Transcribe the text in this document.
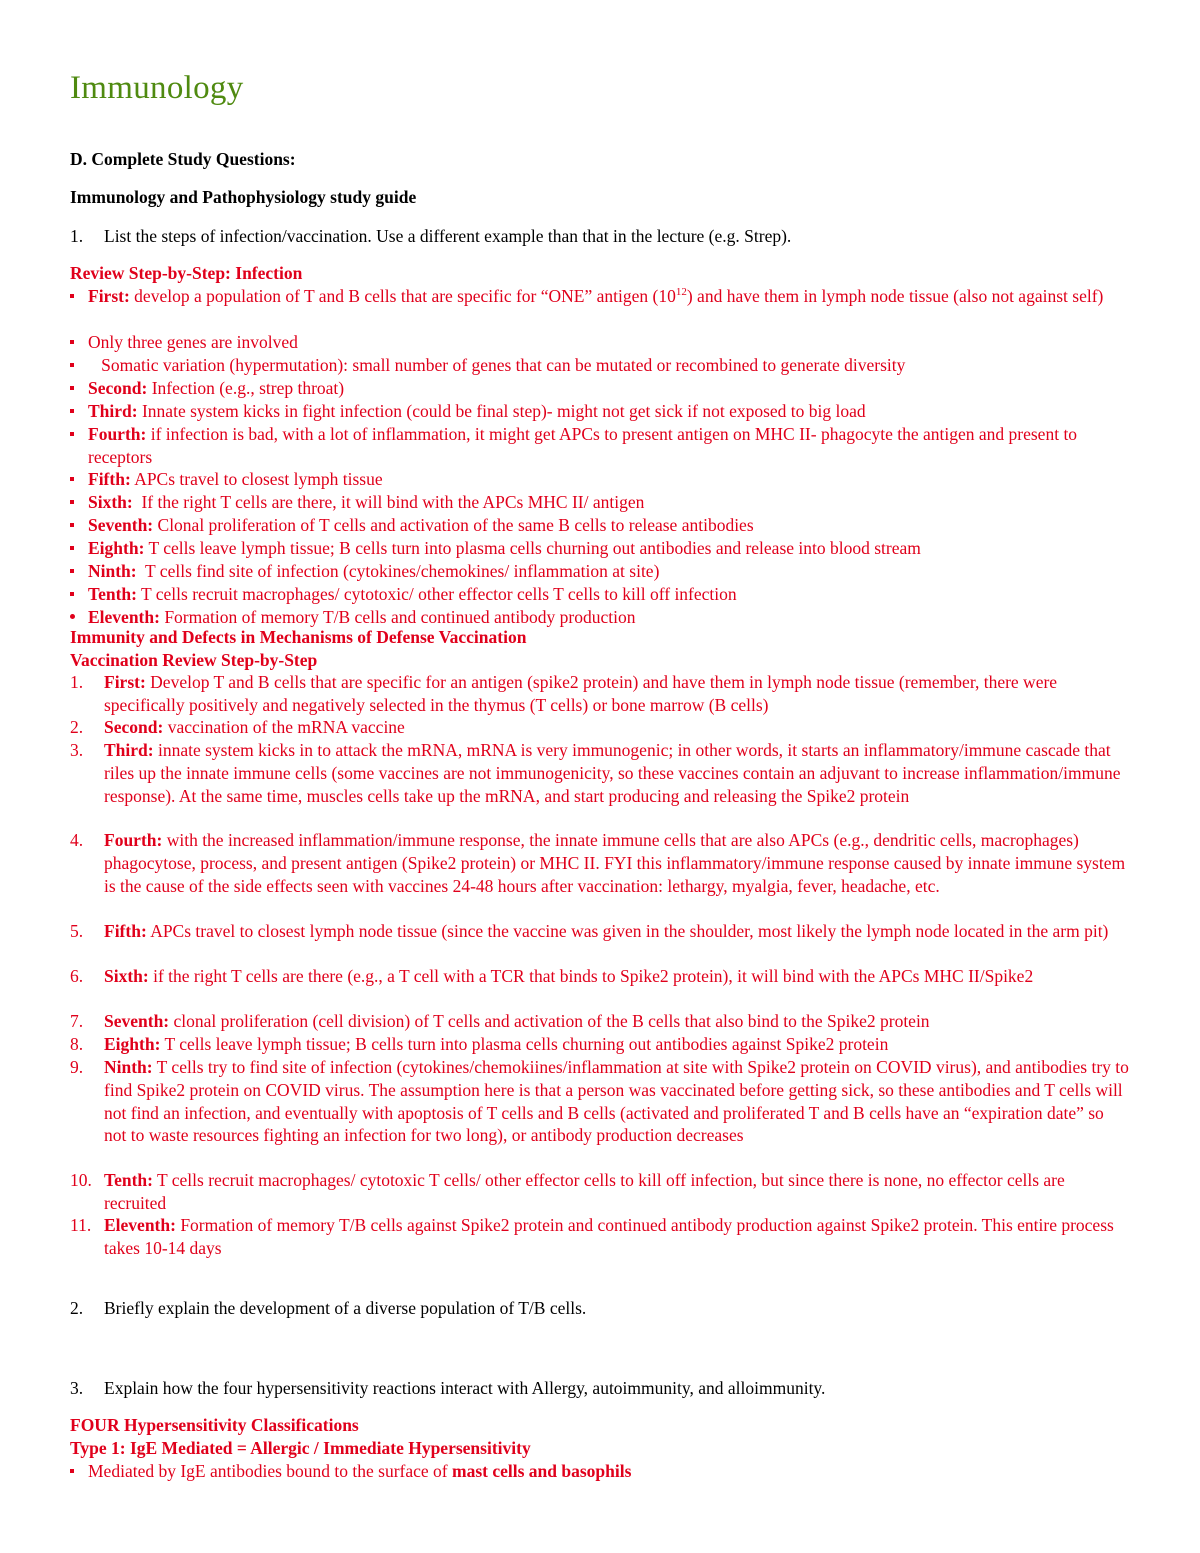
Immunology
D. Complete Study Questions:
Immunology and Pathophysiology study guide
1.	List the steps of infection/vaccination. Use a different example than that in the lecture (e.g. Strep).
Review Step-by-Step: Infection
First: develop a population of T and B cells that are specific for “ONE” antigen $(10^{12})$ and have them in lymph node tissue (also not against self)
Only three genes are involved
Somatic variation (hypermutation): small number of genes that can be mutated or recombined to generate diversity
Second: Infection (e.g., strep throat)
Third: Innate system kicks in fight infection (could be final step)- might not get sick if not exposed to big load
Fourth: if infection is bad, with a lot of inflammation, it might get APCs to present antigen on MHC II- phagocyte the antigen and present to receptors
Fifth: APCs travel to closest lymph tissue
Sixth:  If the right T cells are there, it will bind with the APCs MHC II/ antigen
Seventh: Clonal proliferation of T cells and activation of the same B cells to release antibodies
Eighth: T cells leave lymph tissue; B cells turn into plasma cells churning out antibodies and release into blood stream
Ninth:  T cells find site of infection (cytokines/chemokines/ inflammation at site)
Tenth: T cells recruit macrophages/ cytotoxic/ other effector cells T cells to kill off infection
Eleventh: Formation of memory T/B cells and continued antibody production
Immunity and Defects in Mechanisms of Defense Vaccination
Vaccination Review Step-by-Step
1.	First: Develop T and B cells that are specific for an antigen (spike2 protein) and have them in lymph node tissue (remember, there were specifically positively and negatively selected in the thymus (T cells) or bone marrow (B cells)
2.	Second: vaccination of the mRNA vaccine
3.	Third: innate system kicks in to attack the mRNA, mRNA is very immunogenic; in other words, it starts an inflammatory/immune cascade that riles up the innate immune cells (some vaccines are not immunogenicity, so these vaccines contain an adjuvant to increase inflammation/immune response). At the same time, muscles cells take up the mRNA, and start producing and releasing the Spike2 protein
4.	Fourth: with the increased inflammation/immune response, the innate immune cells that are also APCs (e.g., dendritic cells, macrophages) phagocytose, process, and present antigen (Spike2 protein) or MHC II. FYI this inflammatory/immune response caused by innate immune system is the cause of the side effects seen with vaccines 24-48 hours after vaccination: lethargy, myalgia, fever, headache, etc.
5.	Fifth: APCs travel to closest lymph node tissue (since the vaccine was given in the shoulder, most likely the lymph node located in the arm pit)
6.	Sixth: if the right T cells are there (e.g., a T cell with a TCR that binds to Spike2 protein), it will bind with the APCs MHC II/Spike2
7.	Seventh: clonal proliferation (cell division) of T cells and activation of the B cells that also bind to the Spike2 protein
8.	Eighth: T cells leave lymph tissue; B cells turn into plasma cells churning out antibodies against Spike2 protein
9.	Ninth: T cells try to find site of infection (cytokines/chemokiines/inflammation at site with Spike2 protein on COVID virus), and antibodies try to find Spike2 protein on COVID virus. The assumption here is that a person was vaccinated before getting sick, so these antibodies and T cells will not find an infection, and eventually with apoptosis of T cells and B cells (activated and proliferated T and B cells have an “expiration date” so not to waste resources fighting an infection for two long), or antibody production decreases
10. Tenth: T cells recruit macrophages/ cytotoxic T cells/ other effector cells to kill off infection, but since there is none, no effector cells are recruited
11. Eleventh: Formation of memory T/B cells against Spike2 protein and continued antibody production against Spike2 protein. This entire process takes 10-14 days
2.	Briefly explain the development of a diverse population of T/B cells.
3.	Explain how the four hypersensitivity reactions interact with Allergy, autoimmunity, and alloimmunity.
FOUR Hypersensitivity Classifications
Type 1: IgE Mediated = Allergic / Immediate Hypersensitivity
Mediated by IgE antibodies bound to the surface of mast cells and basophils
